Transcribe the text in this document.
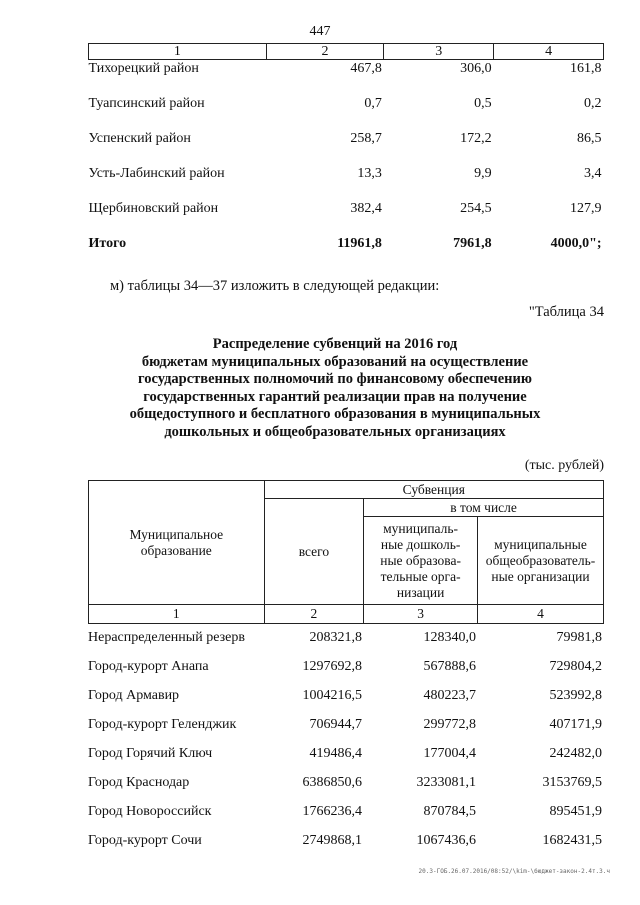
447
1	2	3	4
Тихорецкий район	467,8	306,0	161,8
Туапсинский район	0,7	0,5	0,2
Успенский район	258,7	172,2	86,5
Усть-Лабинский район	13,3	9,9	3,4
Щербиновский район	382,4	254,5	127,9
Итого	11961,8	7961,8	4000,0";
м) таблицы 34—37 изложить в следующей редакции:
"Таблица 34
Распределение субвенций на 2016 год
бюджетам муниципальных образований на осуществление
государственных полномочий по финансовому обеспечению
государственных гарантий реализации прав на получение
общедоступного и бесплатного образования в муниципальных
дошкольных и общеобразовательных организациях
(тыс. рублей)
Муниципальное образование	Субвенция		
	всего	в том числе	

		муниципаль-ные дошколь-ные образова-тельные орга-низации	муниципальные общеобразователь-ные организации

1	2	3	4
Нераспределенный резерв	208321,8	128340,0	79981,8
Город-курорт Анапа	1297692,8	567888,6	729804,2
Город Армавир	1004216,5	480223,7	523992,8
Город-курорт Геленджик	706944,7	299772,8	407171,9
Город Горячий Ключ	419486,4	177004,4	242482,0
Город Краснодар	6386850,6	3233081,1	3153769,5
Город Новороссийск	1766236,4	870784,5	895451,9
Город-курорт Сочи	2749868,1	1067436,6	1682431,5
20.3-ГОБ.26.07.2016/08:52/\kim-\бюджет-закон-2.4т.3.ч
